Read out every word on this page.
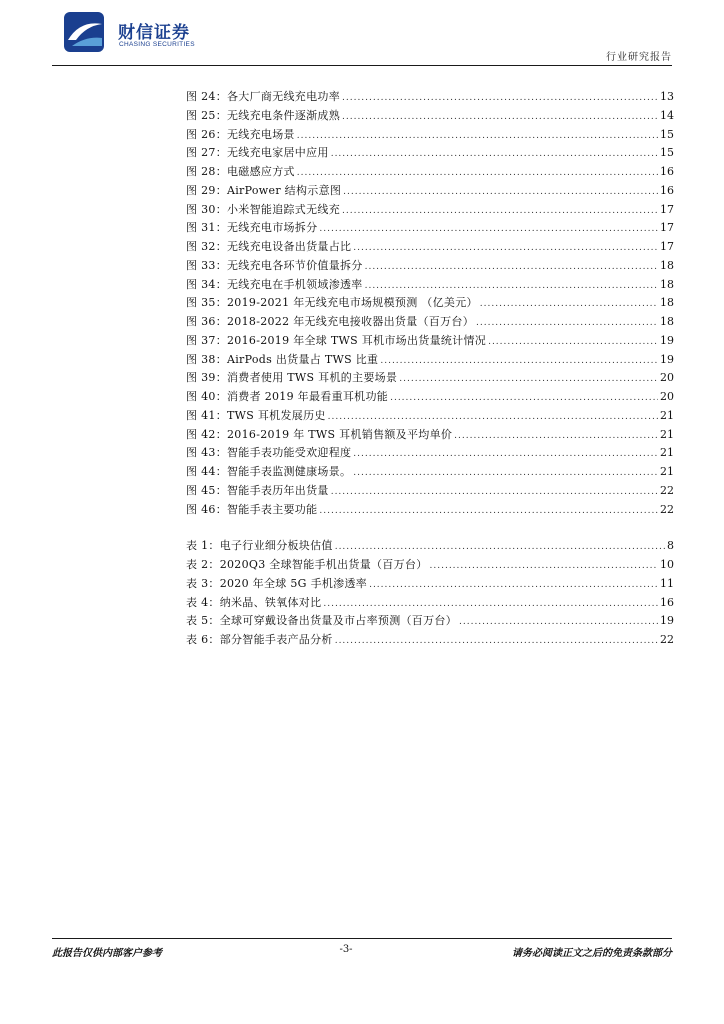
财信证券
CHASING SECURITIES
行业研究报告
图 24：各大厂商无线充电功率 .....	13
图 25：无线充电条件逐渐成熟 .....	14
图 26：无线充电场景 .....	15
图 27：无线充电家居中应用 .....	15
图 28：电磁感应方式 .....	16
图 29：AirPower 结构示意图 .....	16
图 30：小米智能追踪式无线充 .....	17
图 31：无线充电市场拆分 .....	17
图 32：无线充电设备出货量占比 .....	17
图 33：无线充电各环节价值量拆分 .....	18
图 34：无线充电在手机领域渗透率 .....	18
图 35：2019-2021 年无线充电市场规模预测 （亿美元） .....	18
图 36：2018-2022 年无线充电接收器出货量（百万台） .....	18
图 37：2016-2019 年全球 TWS 耳机市场出货量统计情况 .....	19
图 38：AirPods 出货量占 TWS 比重 .....	19
图 39：消费者使用 TWS 耳机的主要场景 .....	20
图 40：消费者 2019 年最看重耳机功能 .....	20
图 41：TWS 耳机发展历史 .....	21
图 42：2016-2019 年 TWS 耳机销售额及平均单价 .....	21
图 43：智能手表功能受欢迎程度 .....	21
图 44：智能手表监测健康场景。 .....	21
图 45：智能手表历年出货量 .....	22
图 46：智能手表主要功能 .....	22
表 1：电子行业细分板块估值 .....	8
表 2：2020Q3 全球智能手机出货量（百万台） .....	10
表 3：2020 年全球 5G 手机渗透率 .....	11
表 4：纳米晶、铁氧体对比 .....	16
表 5：全球可穿戴设备出货量及市占率预测（百万台） .....	19
表 6：部分智能手表产品分析 .....	22
此报告仅供内部客户参考	-3-	请务必阅读正文之后的免责条款部分
